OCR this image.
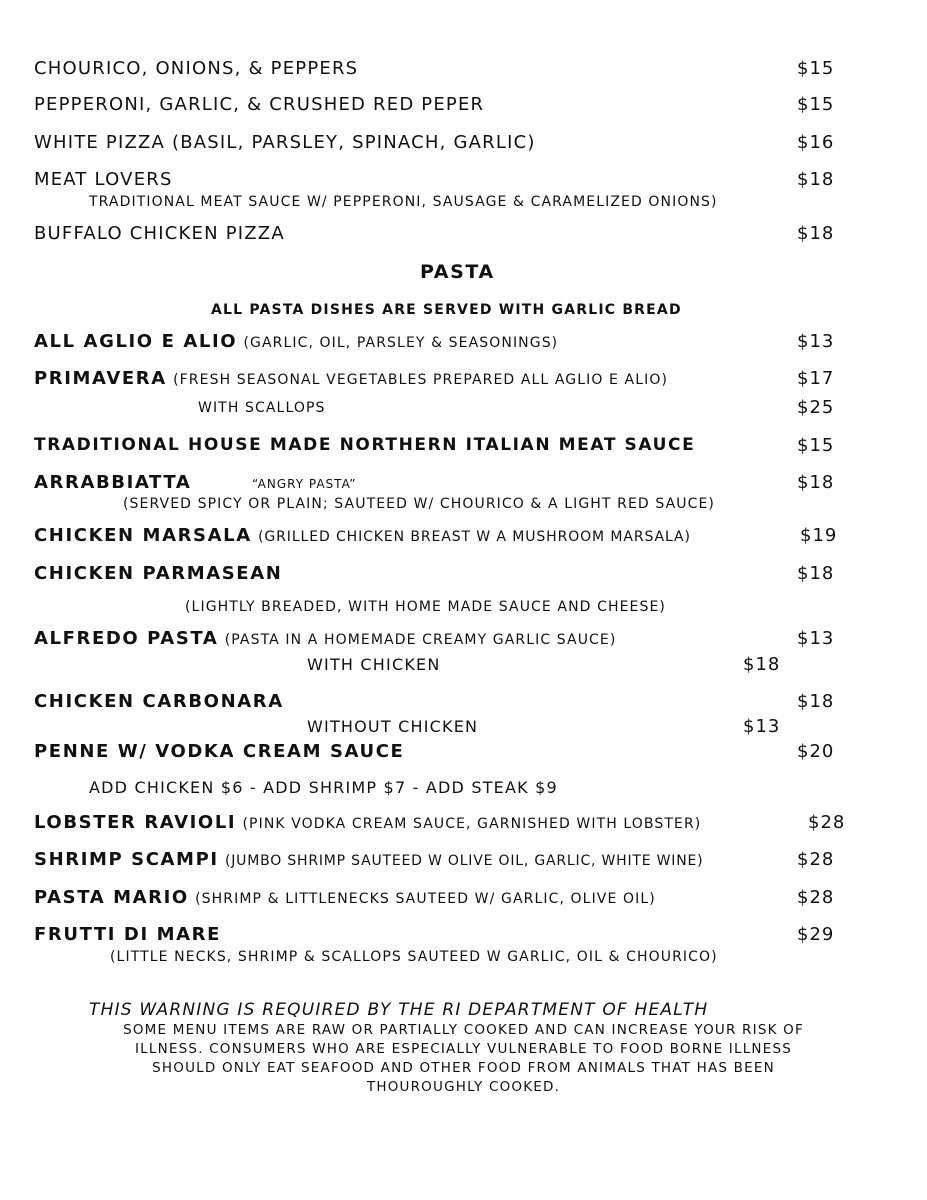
CHOURICO, ONIONS, & PEPPERS	$15
PEPPERONI, GARLIC, & CRUSHED RED PEPER	$15
WHITE PIZZA (BASIL, PARSLEY, SPINACH, GARLIC)	$16
MEAT LOVERS	$18
TRADITIONAL MEAT SAUCE W/ PEPPERONI, SAUSAGE & CARAMELIZED ONIONS)
BUFFALO CHICKEN PIZZA	$18
PASTA
ALL PASTA DISHES ARE SERVED WITH GARLIC BREAD
ALL AGLIO E ALIO (GARLIC, OIL, PARSLEY & SEASONINGS)	$13
PRIMAVERA (FRESH SEASONAL VEGETABLES PREPARED ALL AGLIO E ALIO)	$17
WITH SCALLOPS	$25
TRADITIONAL HOUSE MADE NORTHERN ITALIAN MEAT SAUCE	$15
ARRABBIATTA	“ANGRY PASTA”	$18
(SERVED SPICY OR PLAIN; SAUTEED W/ CHOURICO & A LIGHT RED SAUCE)
CHICKEN MARSALA (GRILLED CHICKEN BREAST W A MUSHROOM MARSALA)	$19
CHICKEN PARMASEAN	$18
(LIGHTLY BREADED, WITH HOME MADE SAUCE AND CHEESE)
ALFREDO PASTA (PASTA IN A HOMEMADE CREAMY GARLIC SAUCE)	$13
WITH CHICKEN	$18
CHICKEN CARBONARA	$18
WITHOUT CHICKEN	$13
PENNE W/ VODKA CREAM SAUCE	$20
ADD CHICKEN $6 - ADD SHRIMP $7 - ADD STEAK $9
LOBSTER RAVIOLI (PINK VODKA CREAM SAUCE, GARNISHED WITH LOBSTER)	$28
SHRIMP SCAMPI (JUMBO SHRIMP SAUTEED W OLIVE OIL, GARLIC, WHITE WINE)	$28
PASTA MARIO (SHRIMP & LITTLENECKS SAUTEED W/ GARLIC, OLIVE OIL)	$28
FRUTTI DI MARE	$29
(LITTLE NECKS, SHRIMP & SCALLOPS SAUTEED W GARLIC, OIL & CHOURICO)
THIS WARNING IS REQUIRED BY THE RI DEPARTMENT OF HEALTH
SOME MENU ITEMS ARE RAW OR PARTIALLY COOKED AND CAN INCREASE YOUR RISK OF
ILLNESS. CONSUMERS WHO ARE ESPECIALLY VULNERABLE TO FOOD BORNE ILLNESS
SHOULD ONLY EAT SEAFOOD AND OTHER FOOD FROM ANIMALS THAT HAS BEEN
THOUROUGHLY COOKED.
